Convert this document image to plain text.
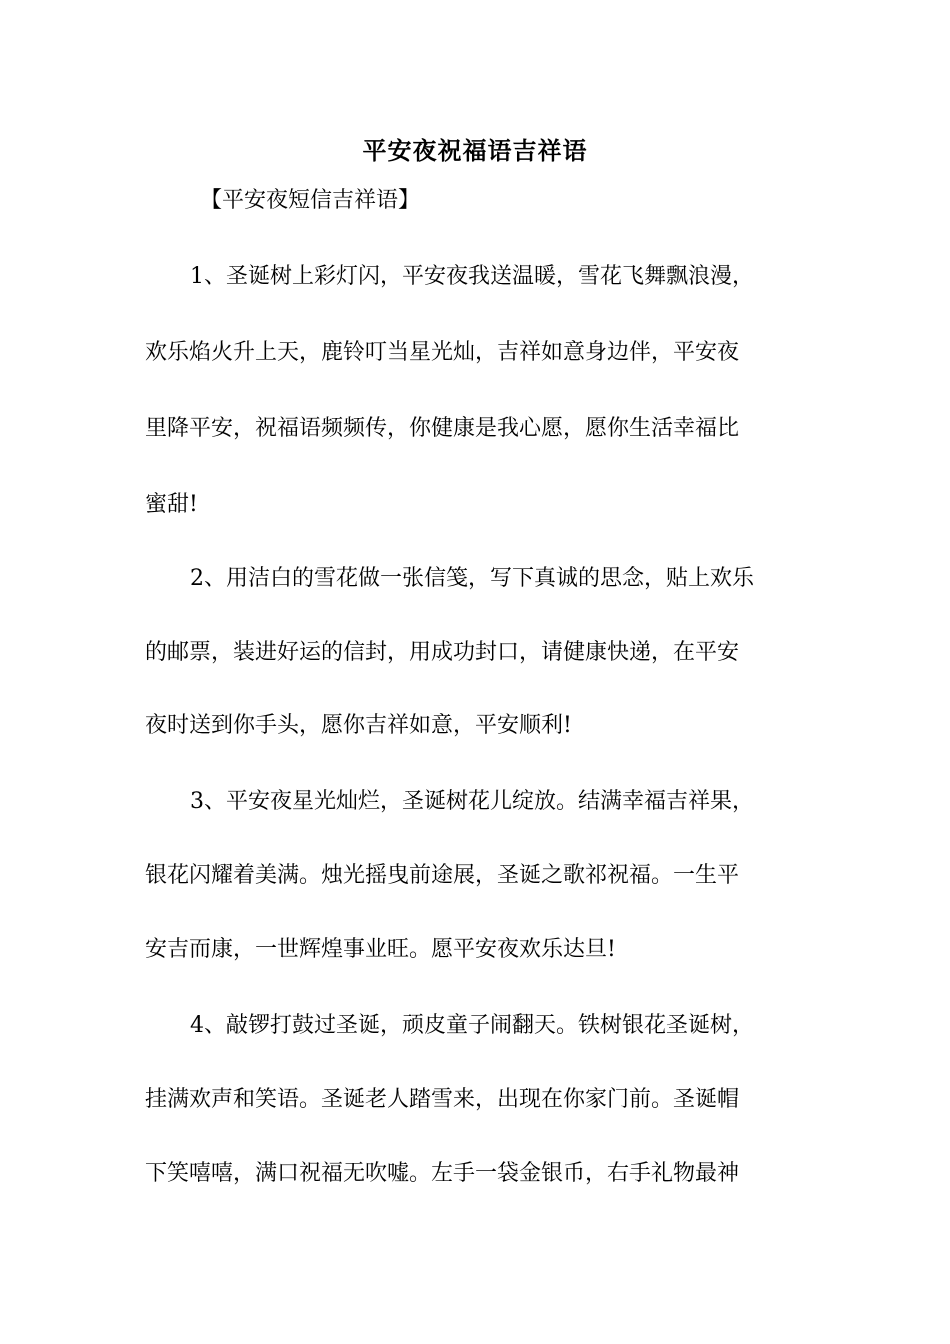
平安夜祝福语吉祥语
【平安夜短信吉祥语】
1、圣诞树上彩灯闪，平安夜我送温暖，雪花飞舞飘浪漫，
欢乐焰火升上天，鹿铃叮当星光灿，吉祥如意身边伴，平安夜
里降平安，祝福语频频传，你健康是我心愿，愿你生活幸福比
蜜甜!
2、用洁白的雪花做一张信笺，写下真诚的思念，贴上欢乐
的邮票，装进好运的信封，用成功封口，请健康快递，在平安
夜时送到你手头，愿你吉祥如意，平安顺利!
3、平安夜星光灿烂，圣诞树花儿绽放。结满幸福吉祥果，
银花闪耀着美满。烛光摇曳前途展，圣诞之歌祁祝福。一生平
安吉而康，一世辉煌事业旺。愿平安夜欢乐达旦!
4、敲锣打鼓过圣诞，顽皮童子闹翻天。铁树银花圣诞树，
挂满欢声和笑语。圣诞老人踏雪来，出现在你家门前。圣诞帽
下笑嘻嘻，满口祝福无吹嘘。左手一袋金银币，右手礼物最神
